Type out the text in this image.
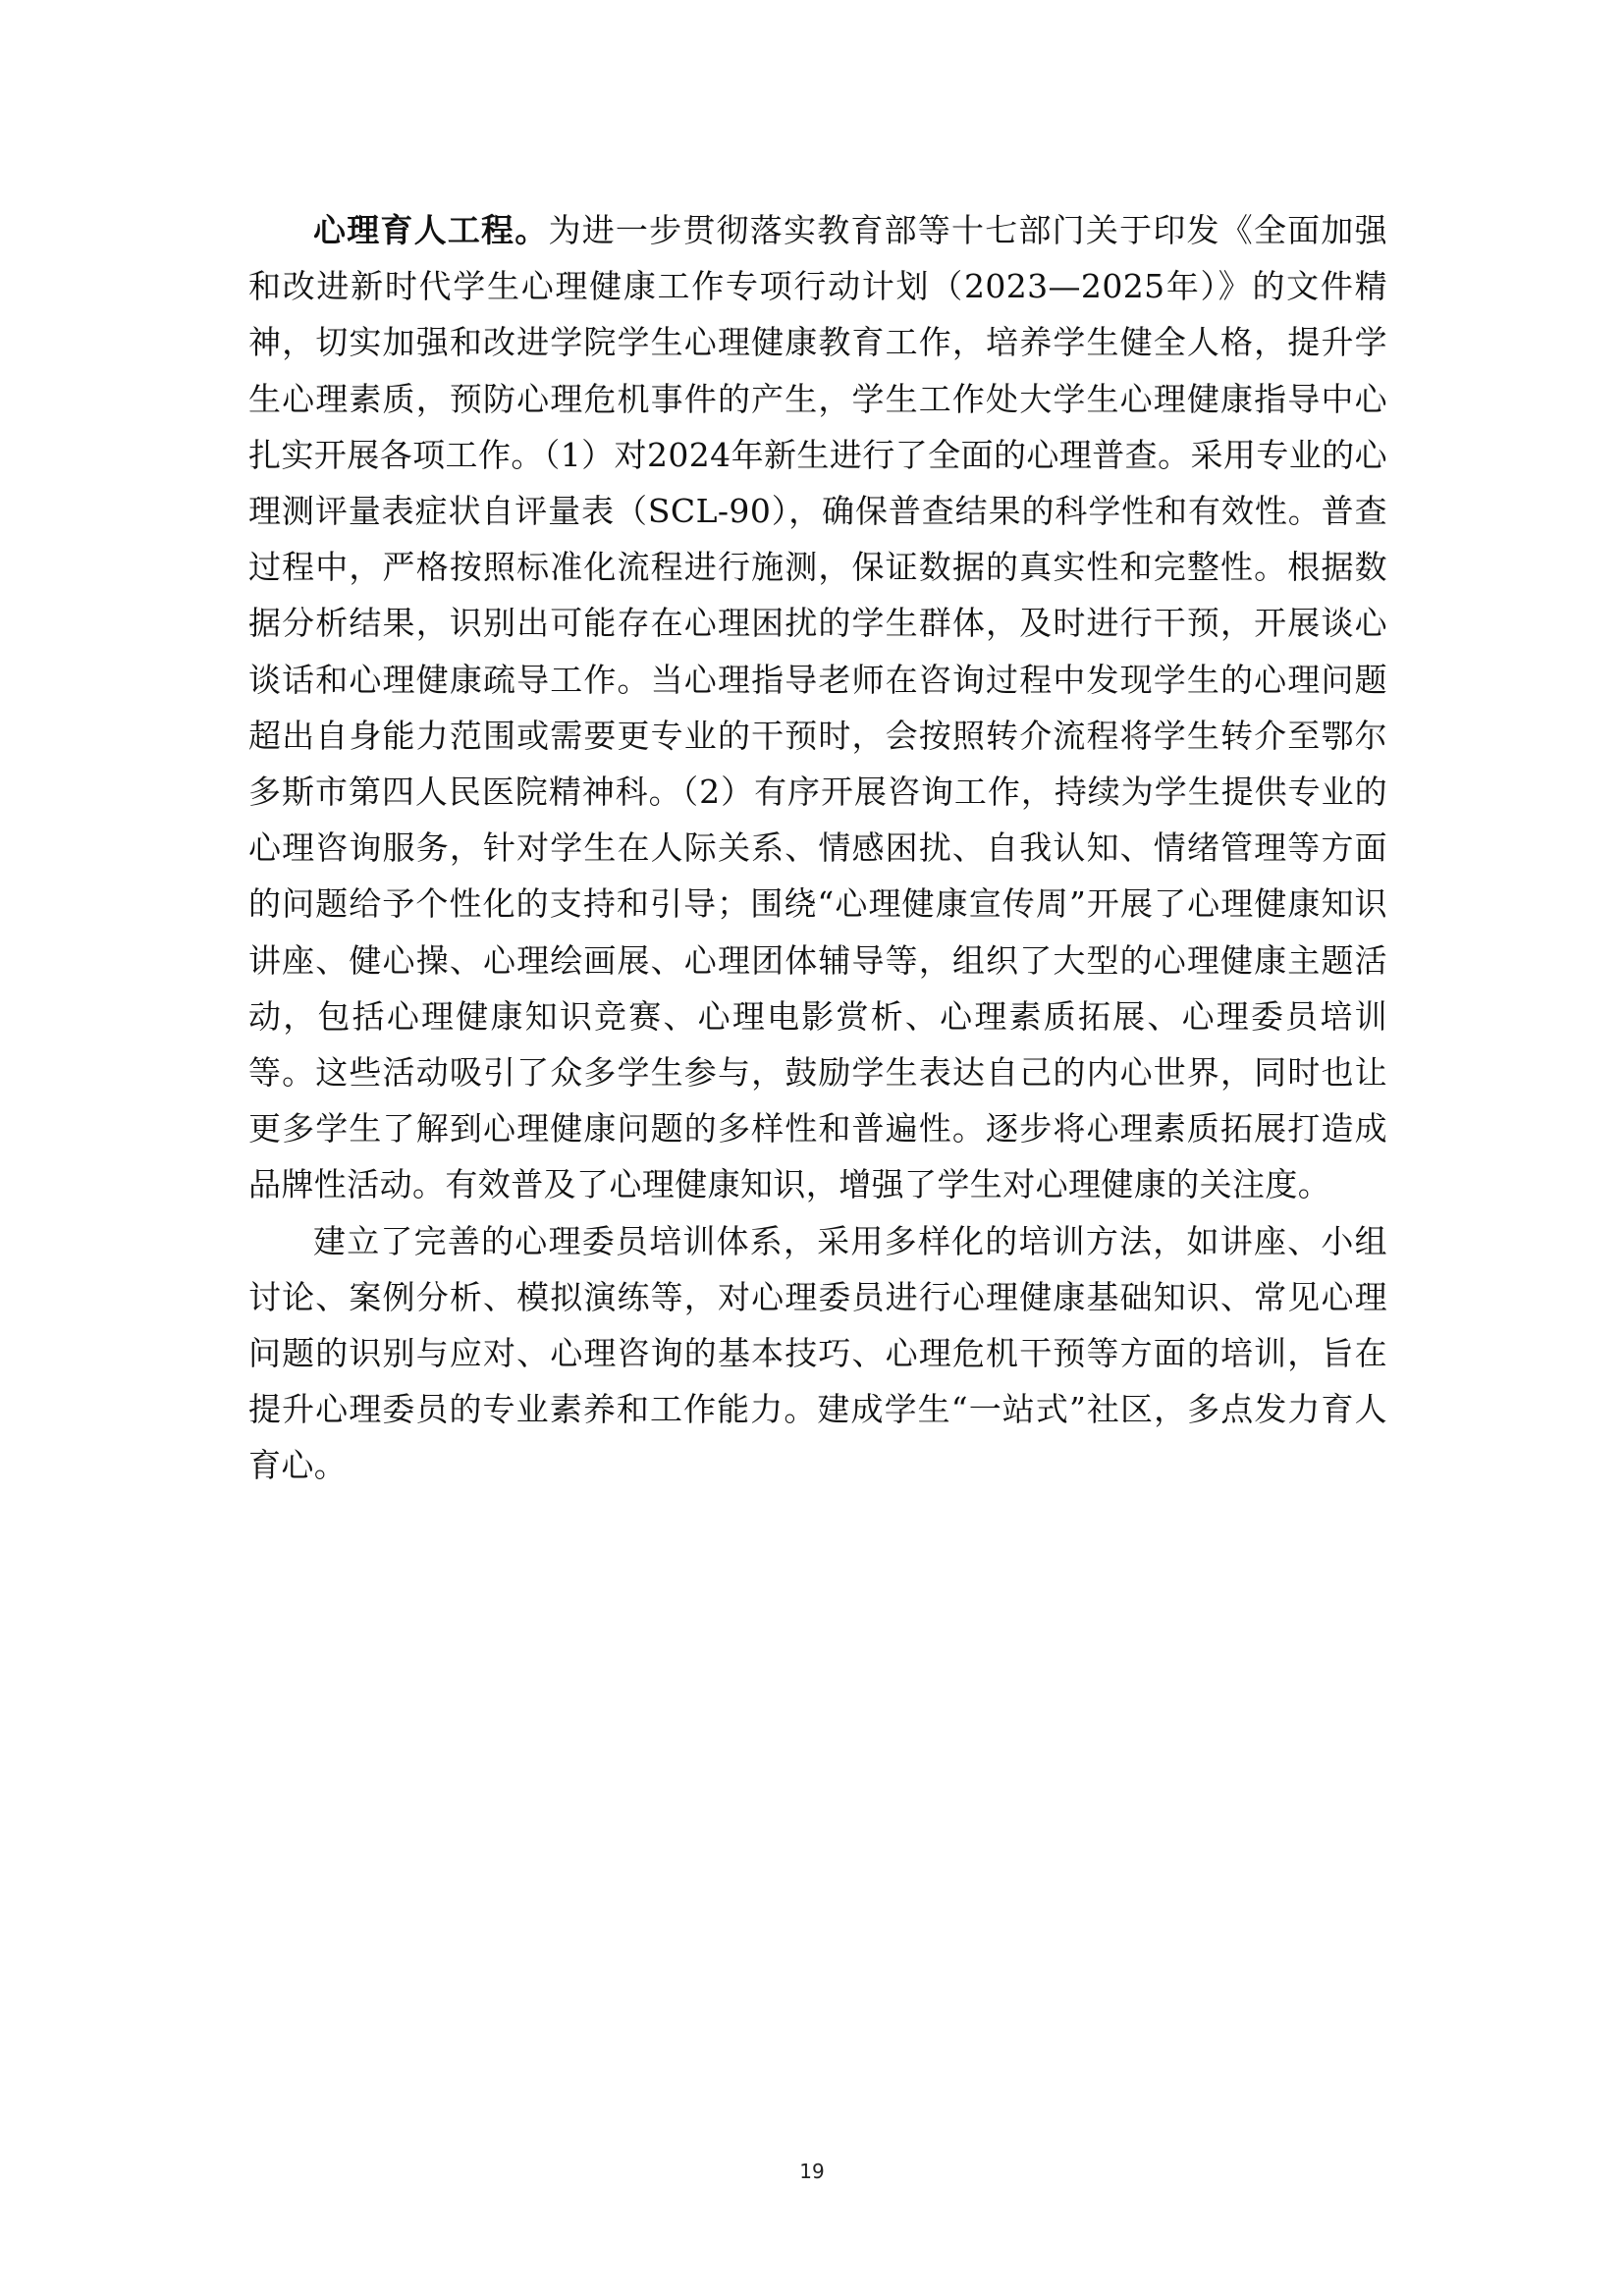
心理育人工程。为进一步贯彻落实教育部等十七部门关于印发《全面加强和改进新时代学生心理健康工作专项行动计划（2023—2025年）》的文件精神，切实加强和改进学院学生心理健康教育工作，培养学生健全人格，提升学生心理素质，预防心理危机事件的产生，学生工作处大学生心理健康指导中心扎实开展各项工作。（1）对2024年新生进行了全面的心理普查。采用专业的心理测评量表症状自评量表（SCL-90），确保普查结果的科学性和有效性。普查过程中，严格按照标准化流程进行施测，保证数据的真实性和完整性。根据数据分析结果，识别出可能存在心理困扰的学生群体，及时进行干预，开展谈心谈话和心理健康疏导工作。当心理指导老师在咨询过程中发现学生的心理问题超出自身能力范围或需要更专业的干预时，会按照转介流程将学生转介至鄂尔多斯市第四人民医院精神科。（2）有序开展咨询工作，持续为学生提供专业的心理咨询服务，针对学生在人际关系、情感困扰、自我认知、情绪管理等方面的问题给予个性化的支持和引导；围绕“心理健康宣传周”开展了心理健康知识讲座、健心操、心理绘画展、心理团体辅导等，组织了大型的心理健康主题活动，包括心理健康知识竞赛、心理电影赏析、心理素质拓展、心理委员培训等。这些活动吸引了众多学生参与，鼓励学生表达自己的内心世界，同时也让更多学生了解到心理健康问题的多样性和普遍性。逐步将心理素质拓展打造成品牌性活动。有效普及了心理健康知识，增强了学生对心理健康的关注度。

建立了完善的心理委员培训体系，采用多样化的培训方法，如讲座、小组讨论、案例分析、模拟演练等，对心理委员进行心理健康基础知识、常见心理问题的识别与应对、心理咨询的基本技巧、心理危机干预等方面的培训，旨在提升心理委员的专业素养和工作能力。建成学生“一站式”社区，多点发力育人育心。

19
